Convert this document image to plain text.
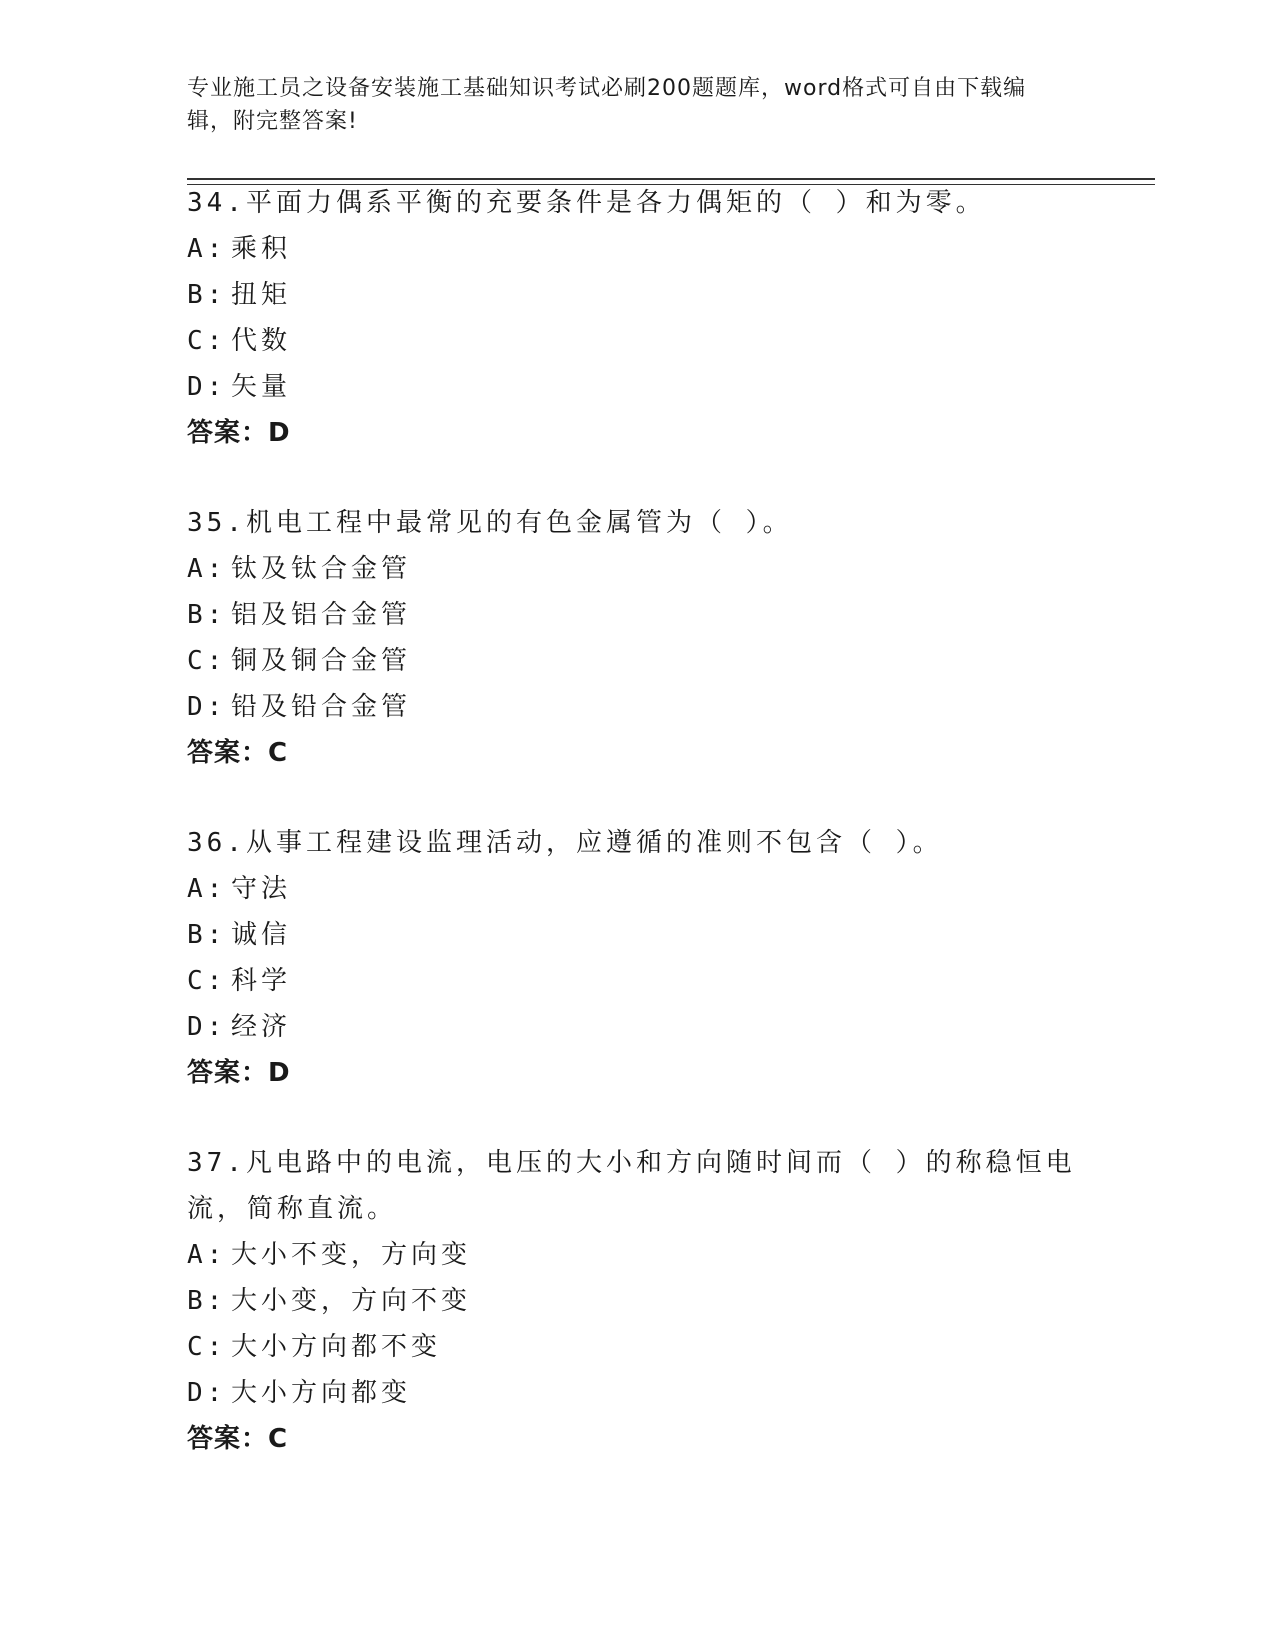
专业施工员之设备安装施工基础知识考试必刷200题题库，word格式可自由下载编辑，附完整答案!
34.平面力偶系平衡的充要条件是各力偶矩的（ ）和为零。
A: 乘积
B: 扭矩
C: 代数
D: 矢量
答案：D
35.机电工程中最常见的有色金属管为（ ）。
A: 钛及钛合金管
B: 铝及铝合金管
C: 铜及铜合金管
D: 铅及铅合金管
答案：C
36.从事工程建设监理活动，应遵循的准则不包含（ ）。
A: 守法
B: 诚信
C: 科学
D: 经济
答案：D
37.凡电路中的电流，电压的大小和方向随时间而（ ）的称稳恒电流，简称直流。
A: 大小不变，方向变
B: 大小变，方向不变
C: 大小方向都不变
D: 大小方向都变
答案：C
